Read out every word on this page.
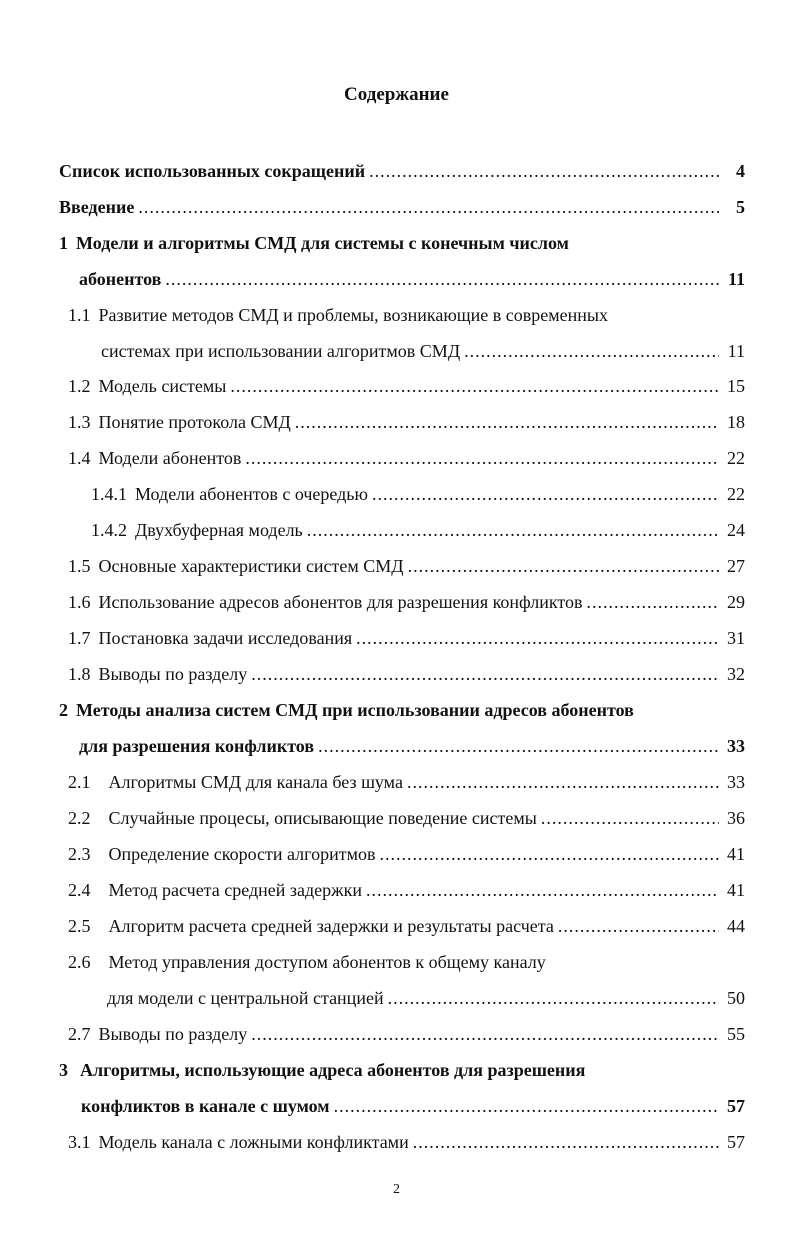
Содержание
Список использованных сокращений .....	4
Введение .....	5
1 Модели и алгоритмы СМД для системы с конечным числом
абонентов .....	11
1.1 Развитие методов СМД и проблемы, возникающие в современных
системах при использовании алгоритмов СМД .....	11
1.2 Модель системы .....	15
1.3 Понятие протокола СМД .....	18
1.4 Модели абонентов .....	22
1.4.1 Модели абонентов с очередью .....	22
1.4.2 Двухбуферная модель .....	24
1.5 Основные характеристики систем СМД .....	27
1.6 Использование адресов абонентов для разрешения конфликтов .....	29
1.7 Постановка задачи исследования .....	31
1.8 Выводы по разделу .....	32
2 Методы анализа систем СМД при использовании адресов абонентов
для разрешения конфликтов .....	33
2.1 Алгоритмы СМД для канала без шума .....	33
2.2 Случайные процесы, описывающие поведение системы .....	36
2.3 Определение скорости алгоритмов .....	41
2.4 Метод расчета средней задержки .....	41
2.5 Алгоритм расчета средней задержки и результаты расчета .....	44
2.6 Метод управления доступом абонентов к общему каналу
для модели с центральной станцией .....	50
2.7 Выводы по разделу .....	55
3 Алгоритмы, использующие адреса абонентов для разрешения
конфликтов в канале с шумом .....	57
3.1 Модель канала с ложными конфликтами .....	57
2
